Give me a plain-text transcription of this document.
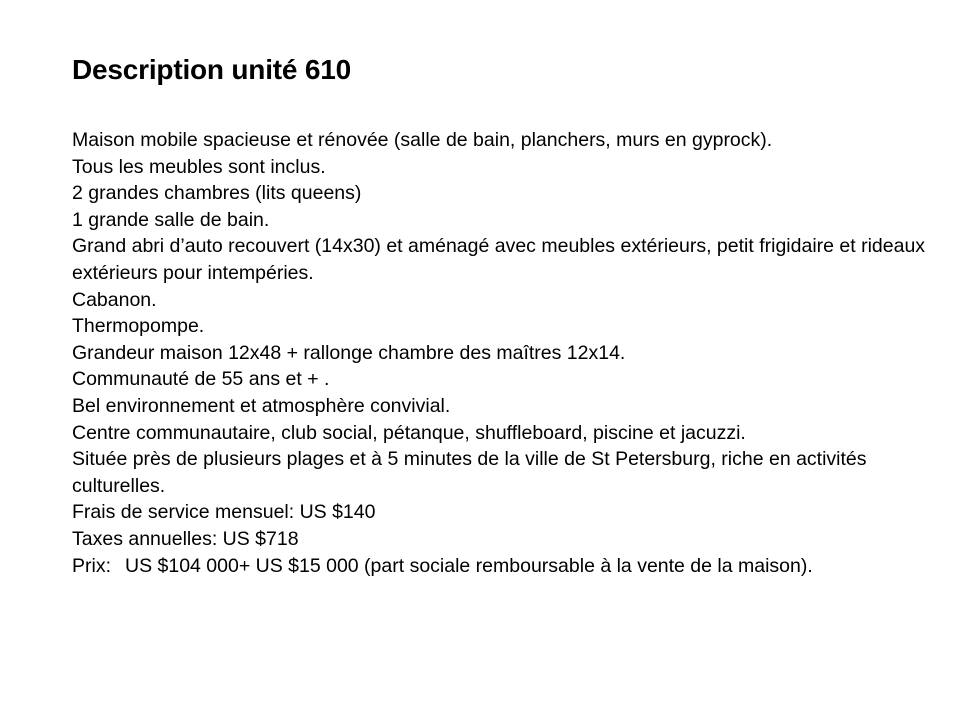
Description unité 610
Maison mobile spacieuse et rénovée (salle de bain, planchers, murs en gyprock).
Tous les meubles sont inclus.
2 grandes chambres (lits queens)
1 grande salle de bain.
Grand abri d’auto recouvert (14x30) et aménagé avec meubles extérieurs, petit frigidaire et rideaux extérieurs pour intempéries.
Cabanon.
Thermopompe.
Grandeur maison 12x48 + rallonge chambre des maîtres 12x14.
Communauté de 55 ans et + .
Bel environnement et atmosphère convivial.
Centre communautaire, club social, pétanque, shuffleboard, piscine et jacuzzi.
Située près de plusieurs plages et à 5 minutes de la ville de St Petersburg, riche en activités culturelles.
Frais de service mensuel: US $140
Taxes annuelles: US $718
Prix: US $104 000+ US $15 000 (part sociale remboursable à la vente de la maison).
